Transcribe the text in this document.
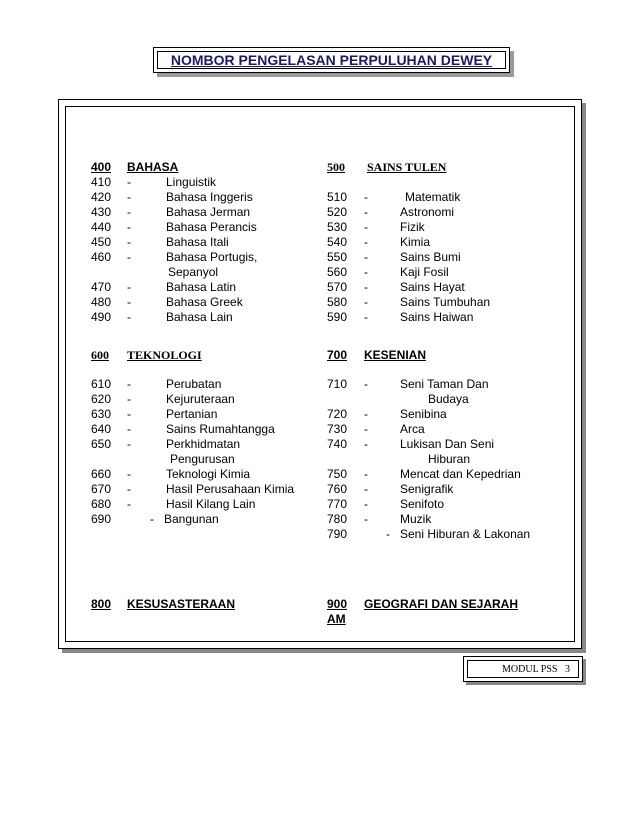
NOMBOR PENGELASAN PERPULUHAN DEWEY
400 BAHASA
410 -	Linguistik
420 -	Bahasa Inggeris
430 -	Bahasa Jerman
440 -	Bahasa Perancis
450 -	Bahasa Itali
460 -	Bahasa Portugis,
Sepanyol
470 -	Bahasa Latin
480 -	Bahasa Greek
490 -	Bahasa Lain
500 SAINS TULEN
510 -	Matematik
520 -	Astronomi
530 -	Fizik
540 -	Kimia
550 -	Sains Bumi
560 -	Kaji Fosil
570 -	Sains Hayat
580 -	Sains Tumbuhan
590 -	Sains Haiwan
600 TEKNOLOGI
610 -	Perubatan
620 -	Kejuruteraan
630 -	Pertanian
640 -	Sains Rumahtangga
650 -	Perkhidmatan
Pengurusan
660 -	Teknologi Kimia
670 -	Hasil Perusahaan Kimia
680 -	Hasil Kilang Lain
690	- Bangunan
700 KESENIAN
710 -	Seni Taman Dan
Budaya
720 -	Senibina
730 -	Arca
740 -	Lukisan Dan Seni
Hiburan
750 -	Mencat dan Kepedrian
760 -	Senigrafik
770 -	Senifoto
780 -	Muzik
790	- Seni Hiburan & Lakonan
800 KESUSASTERAAN	900 GEOGRAFI DAN SEJARAH
AM
MODUL PSS   3
